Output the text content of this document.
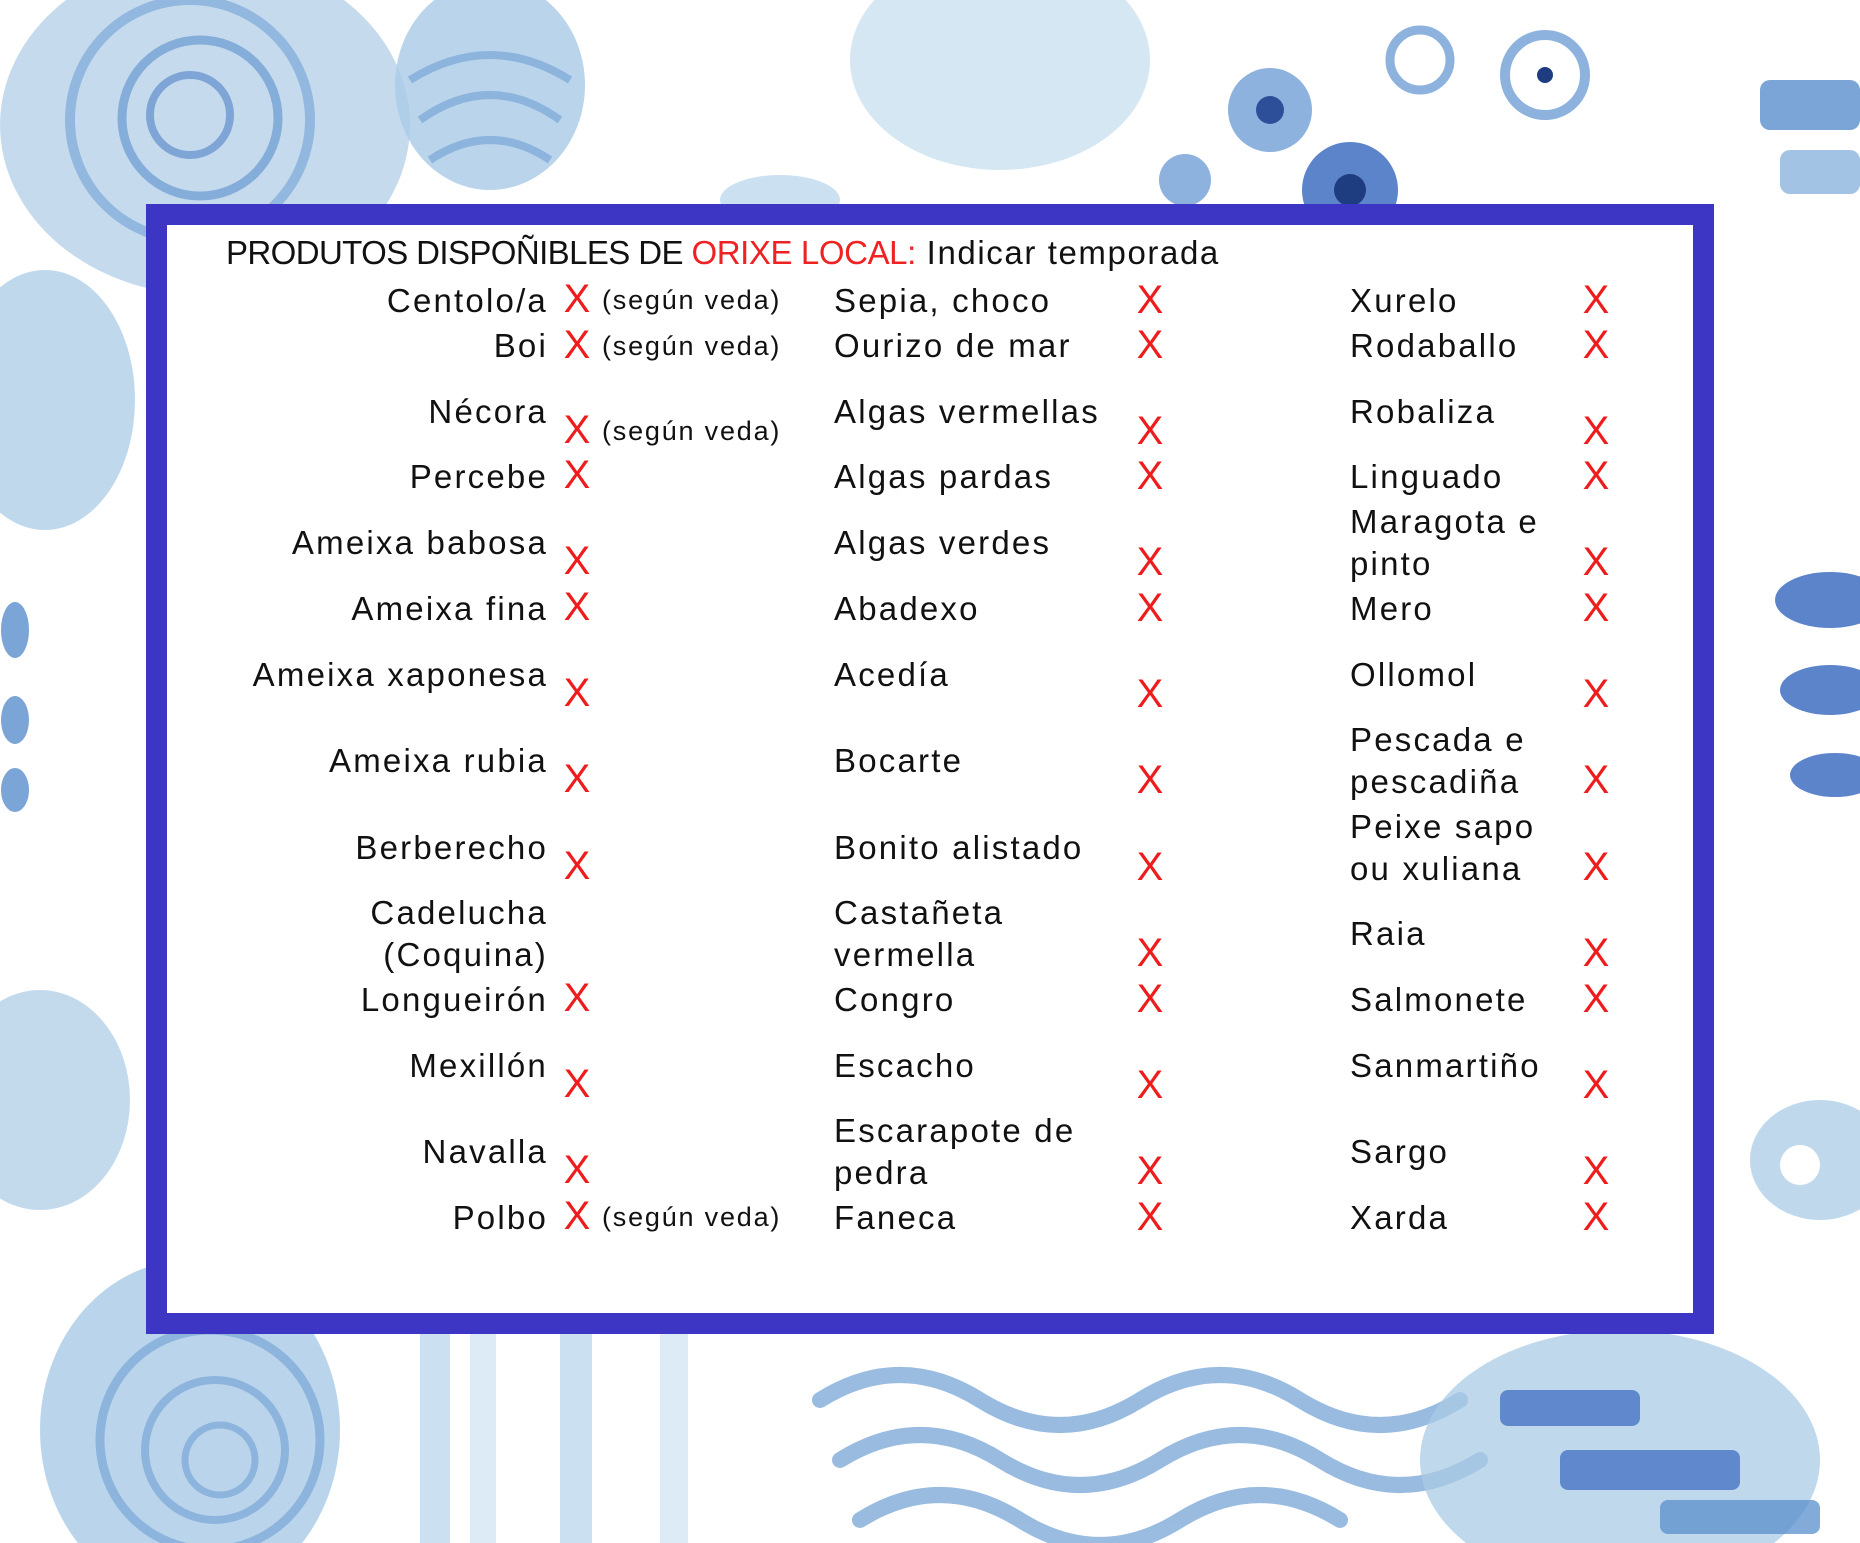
PRODUTOS DISPOÑIBLES DE ORIXE LOCAL: Indicar temporada
Centolo/a X (según veda)
Boi X (según veda)
Nécora X (según veda)
Percebe X
Ameixa babosa X
Ameixa fina X
Ameixa xaponesa X
Ameixa rubia X
Berberecho X
Cadelucha (Coquina)
Longueirón X
Mexillón X
Navalla X
Polbo X (según veda)
Sepia, choco X
Ourizo de mar X
Algas vermellas X
Algas pardas X
Algas verdes X
Abadexo	X
Acedía	X
Bocarte	X
Bonito alistado X
Castañeta vermella	X
Congro	X
Escacho	X
Escarapote de pedra	X
Faneca	X
Xurelo	X
Rodaballo X
Robaliza X
Linguado X
Maragota e pinto	X
Mero	X
Ollomol	X
Pescada e pescadiña	X
Peixe sapo ou xuliana	X
Raia	X
Salmonete X
Sanmartiño X
Sargo	X
Xarda	X
